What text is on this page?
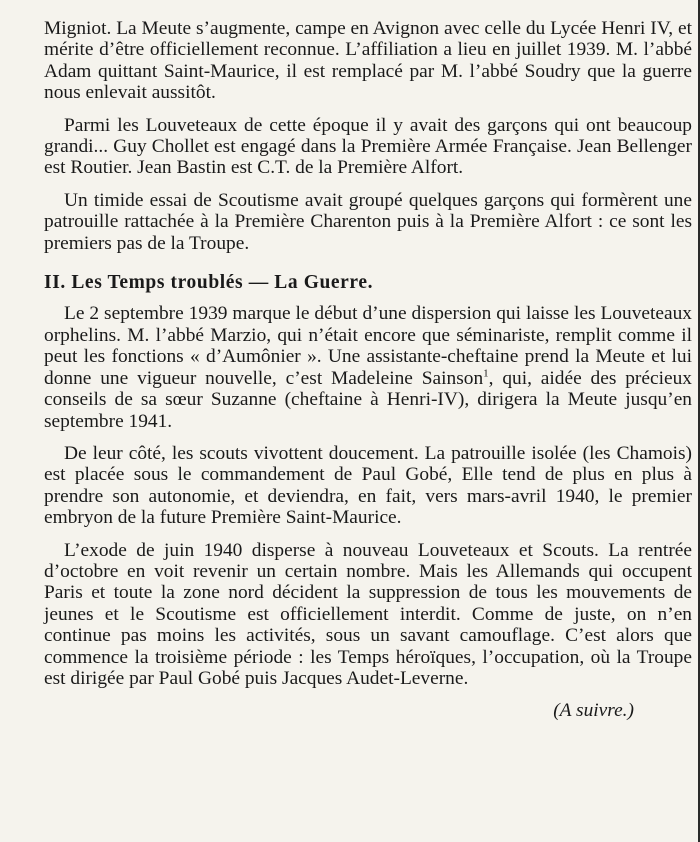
Migniot. La Meute s’augmente, campe en Avignon avec celle du Lycée Henri IV, et mérite d’être officiellement reconnue. L’affiliation a lieu en juillet 1939. M. l’abbé Adam quittant Saint-Maurice, il est remplacé par M. l’abbé Soudry que la guerre nous enlevait aussitôt.

Parmi les Louveteaux de cette époque il y avait des garçons qui ont beaucoup grandi... Guy Chollet est engagé dans la Première Armée Française. Jean Bellenger est Routier. Jean Bastin est C.T. de la Première Alfort.

Un timide essai de Scoutisme avait groupé quelques garçons qui formèrent une patrouille rattachée à la Première Charenton puis à la Première Alfort : ce sont les premiers pas de la Troupe.

II. Les Temps troublés — La Guerre.

Le 2 septembre 1939 marque le début d’une dispersion qui laisse les Louveteaux orphelins. M. l’abbé Marzio, qui n’était encore que séminariste, remplit comme il peut les fonctions « d’Aumônier ». Une assistante-cheftaine prend la Meute et lui donne une vigueur nouvelle, c’est Madeleine Sainson$^1$, qui, aidée des précieux conseils de sa sœur Suzanne (cheftaine à Henri-IV), dirigera la Meute jusqu’en septembre 1941.

De leur côté, les scouts vivottent doucement. La patrouille isolée (les Chamois) est placée sous le commandement de Paul Gobé, Elle tend de plus en plus à prendre son autonomie, et deviendra, en fait, vers mars-avril 1940, le premier embryon de la future Première Saint-Maurice.

L’exode de juin 1940 disperse à nouveau Louveteaux et Scouts. La rentrée d’octobre en voit revenir un certain nombre. Mais les Allemands qui occupent Paris et toute la zone nord décident la suppression de tous les mouvements de jeunes et le Scoutisme est officiellement interdit. Comme de juste, on n’en continue pas moins les activités, sous un savant camouflage. C’est alors que commence la troisième période : les Temps héroïques, l’occupation, où la Troupe est dirigée par Paul Gobé puis Jacques Audet-Leverne.

(A suivre.)
